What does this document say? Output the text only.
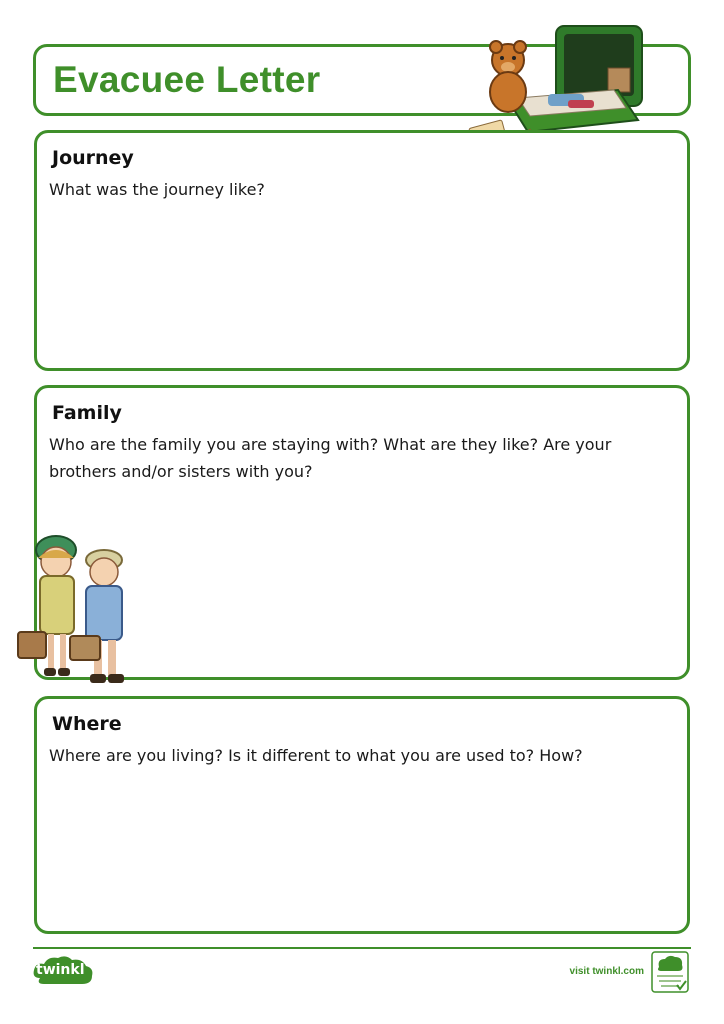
Evacuee Letter
Journey
What was the journey like?
Family
Who are the family you are staying with? What are they like? Are your brothers and/or sisters with you?
Where
Where are you living? Is it different to what you are used to? How?
twinkl	visit twinkl.com
